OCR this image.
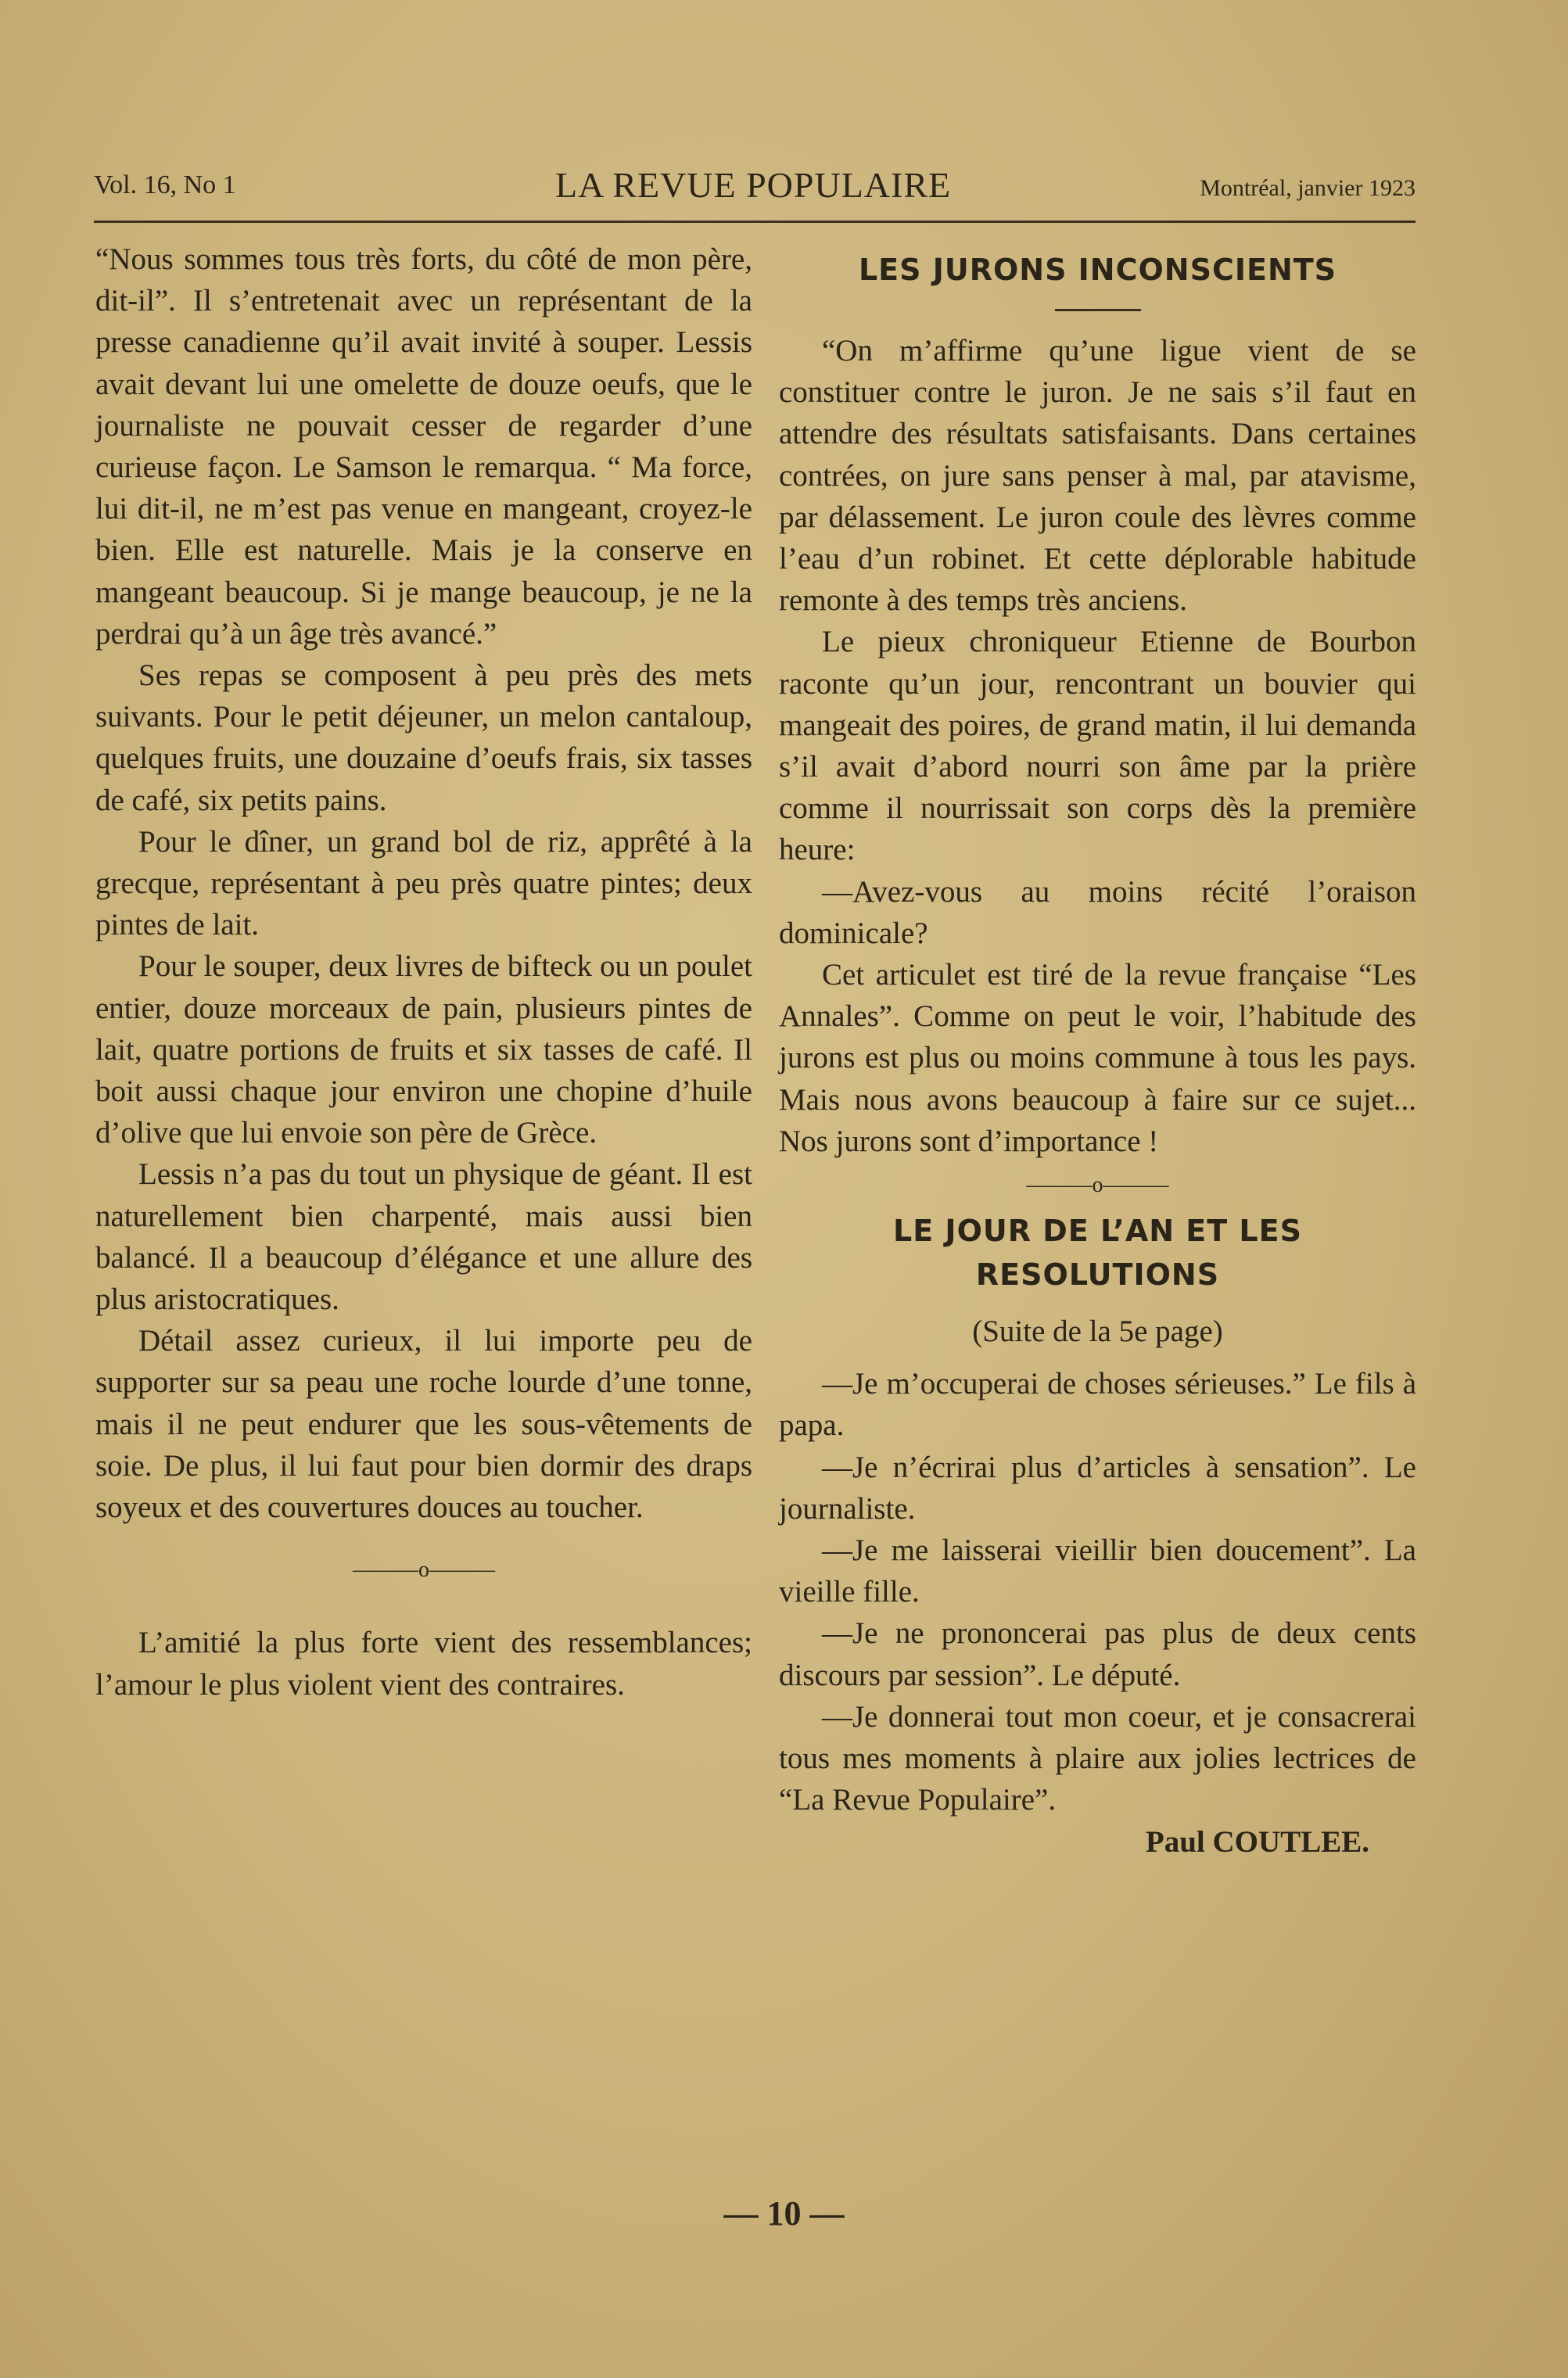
Vol. 16, No 1	LA REVUE POPULAIRE	Montréal, janvier 1923

“Nous sommes tous très forts, du côté de mon père, dit-il”. Il s’entretenait avec un représentant de la presse canadienne qu’il avait invité à souper. Lessis avait devant lui une omelette de douze oeufs, que le journaliste ne pouvait cesser de regarder d’une curieuse façon. Le Samson le remarqua. “ Ma force, lui dit-il, ne m’est pas venue en mangeant, croyez-le bien. Elle est naturelle. Mais je la conserve en mangeant beaucoup. Si je mange beaucoup, je ne la perdrai qu’à un âge très avancé.”

Ses repas se composent à peu près des mets suivants. Pour le petit déjeuner, un melon cantaloup, quelques fruits, une douzaine d’oeufs frais, six tasses de café, six petits pains.

Pour le dîner, un grand bol de riz, apprêté à la grecque, représentant à peu près quatre pintes; deux pintes de lait.

Pour le souper, deux livres de bifteck ou un poulet entier, douze morceaux de pain, plusieurs pintes de lait, quatre portions de fruits et six tasses de café. Il boit aussi chaque jour environ une chopine d’huile d’olive que lui envoie son père de Grèce.

Lessis n’a pas du tout un physique de géant. Il est naturellement bien charpenté, mais aussi bien balancé. Il a beaucoup d’élégance et une allure des plus aristocratiques.

Détail assez curieux, il lui importe peu de supporter sur sa peau une roche lourde d’une tonne, mais il ne peut endurer que les sous-vêtements de soie. De plus, il lui faut pour bien dormir des draps soyeux et des couvertures douces au toucher.

———o———

L’amitié la plus forte vient des ressemblances; l’amour le plus violent vient des contraires.

LES JURONS INCONSCIENTS

“On m’affirme qu’une ligue vient de se constituer contre le juron. Je ne sais s’il faut en attendre des résultats satisfaisants. Dans certaines contrées, on jure sans penser à mal, par atavisme, par délassement. Le juron coule des lèvres comme l’eau d’un robinet. Et cette déplorable habitude remonte à des temps très anciens.

Le pieux chroniqueur Etienne de Bourbon raconte qu’un jour, rencontrant un bouvier qui mangeait des poires, de grand matin, il lui demanda s’il avait d’abord nourri son âme par la prière comme il nourrissait son corps dès la première heure:

—Avez-vous au moins récité l’oraison dominicale?

Cet articulet est tiré de la revue française “Les Annales”. Comme on peut le voir, l’habitude des jurons est plus ou moins commune à tous les pays. Mais nous avons beaucoup à faire sur ce sujet... Nos jurons sont d’importance !

———o———

LE JOUR DE L’AN ET LES RESOLUTIONS

(Suite de la 5e page)

—Je m’occuperai de choses sérieuses.” Le fils à papa.

—Je n’écrirai plus d’articles à sensation”. Le journaliste.

—Je me laisserai vieillir bien doucement”. La vieille fille.

—Je ne prononcerai pas plus de deux cents discours par session”. Le député.

—Je donnerai tout mon coeur, et je consacrerai tous mes moments à plaire aux jolies lectrices de “La Revue Populaire”.

Paul COUTLEE.

— 10 —
